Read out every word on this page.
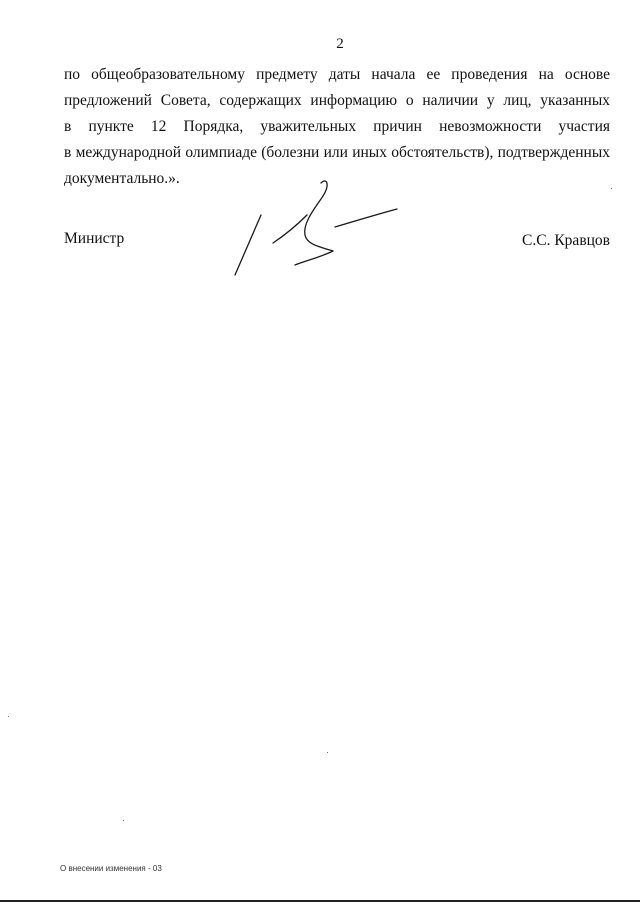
2
по общеобразовательному предмету даты начала ее проведения на основе
предложений Совета, содержащих информацию о наличии у лиц, указанных
в пункте 12 Порядка, уважительных причин невозможности участия
в международной олимпиаде (болезни или иных обстоятельств), подтвержденных
документально.».
Министр	С.С. Кравцов
О внесении изменения - 03
